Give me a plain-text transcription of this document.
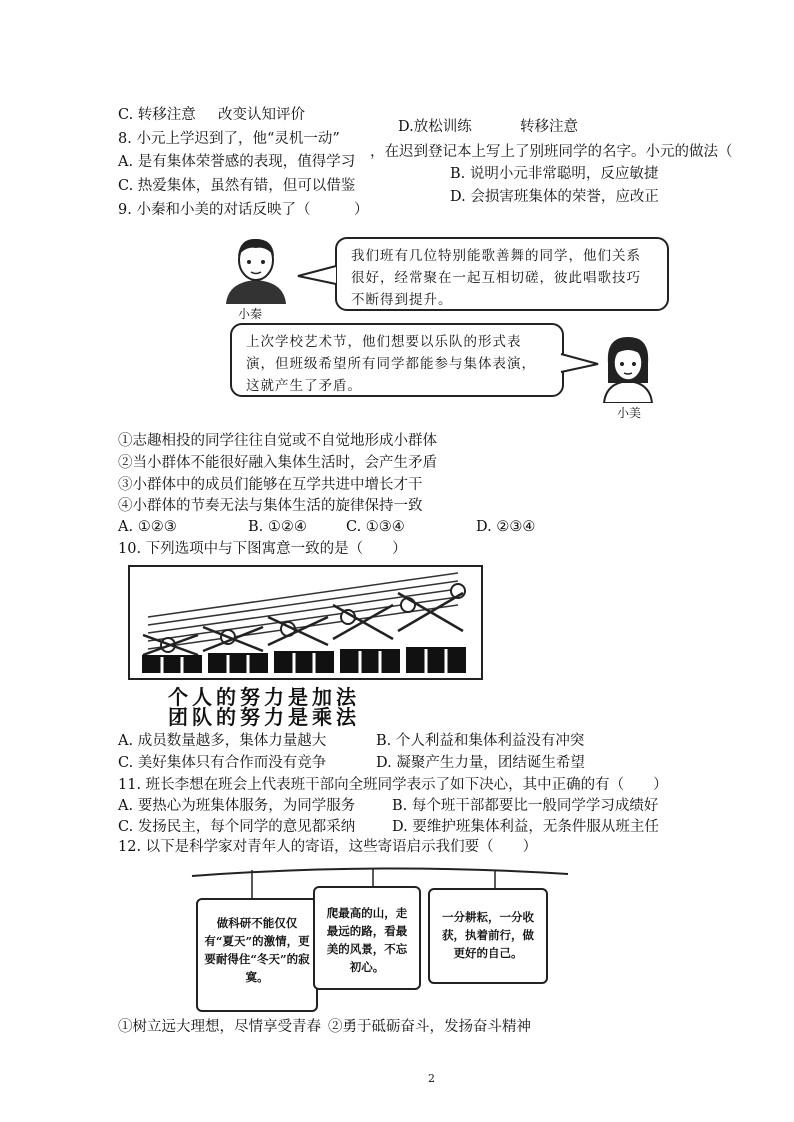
C. 转移注意 改变认知评价
D.放松训练	转移注意
8. 小元上学迟到了，他“灵机一动”
，在迟到登记本上写上了别班同学的名字。小元的做法（
A. 是有集体荣誉感的表现，值得学习
B. 说明小元非常聪明，反应敏捷
C. 热爱集体，虽然有错，但可以借鉴
D. 会损害班集体的荣誉，应改正
9. 小秦和小美的对话反映了（　　　）
小秦
我们班有几位特别能歌善舞的同学，他们关系很好，经常聚在一起互相切磋，彼此唱歌技巧不断得到提升。
上次学校艺术节，他们想要以乐队的形式表演，但班级希望所有同学都能参与集体表演，这就产生了矛盾。
小美
①志趣相投的同学往往自觉或不自觉地形成小群体
②当小群体不能很好融入集体生活时，会产生矛盾
③小群体中的成员们能够在互学共进中增长才干
④小群体的节奏无法与集体生活的旋律保持一致
A. ①②③	B. ①②④	C. ①③④	D. ②③④
10. 下列选项中与下图寓意一致的是（　　）
个人的努力是加法
团队的努力是乘法
A. 成员数量越多，集体力量越大	B. 个人利益和集体利益没有冲突
C. 美好集体只有合作而没有竞争	D. 凝聚产生力量，团结诞生希望
11. 班长李想在班会上代表班干部向全班同学表示了如下决心，其中正确的有（　　）
A. 要热心为班集体服务，为同学服务	B. 每个班干部都要比一般同学学习成绩好
C. 发扬民主，每个同学的意见都采纳	D. 要维护班集体利益，无条件服从班主任
12. 以下是科学家对青年人的寄语，这些寄语启示我们要（　　）
做科研不能仅仅有“夏天”的激情，更要耐得住“冬天”的寂寞。
爬最高的山，走最远的路，看最美的风景，不忘初心。
一分耕耘，一分收获，执着前行，做更好的自己。
①树立远大理想，尽情享受青春 ②勇于砥砺奋斗，发扬奋斗精神
2
